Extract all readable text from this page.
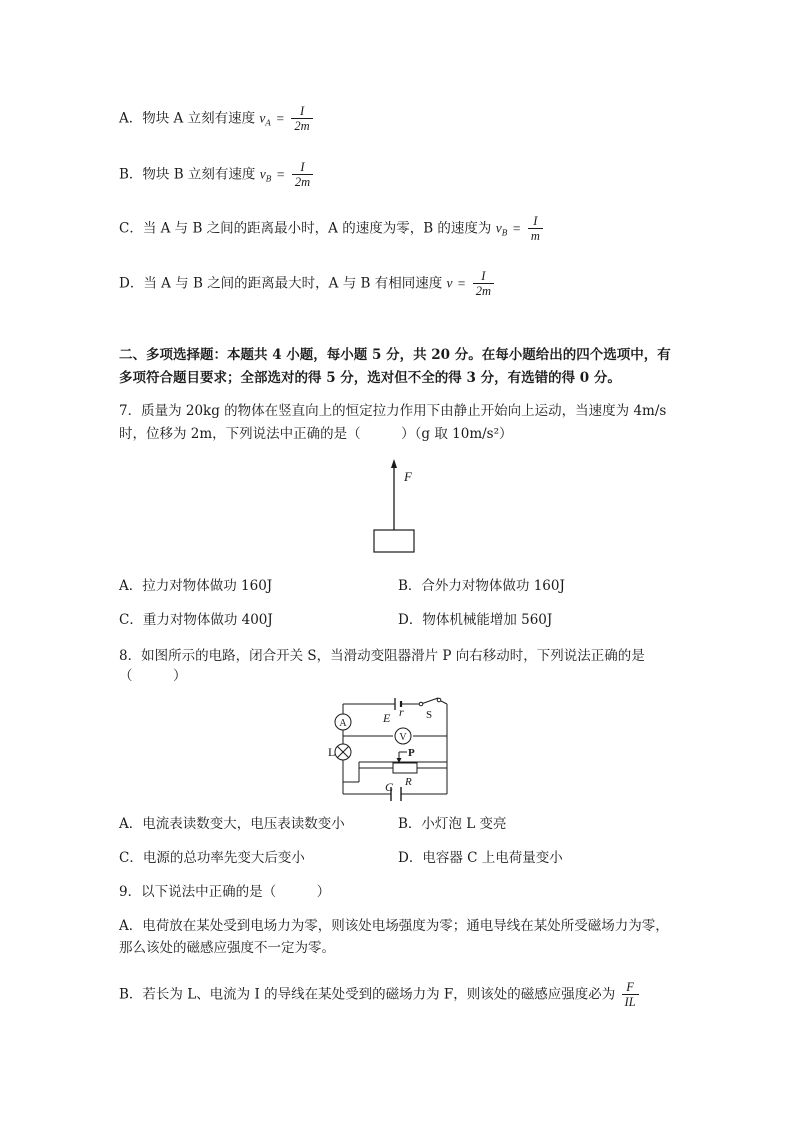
A．物块 A 立刻有速度 $v_A = \frac{I}{2m}$
B．物块 B 立刻有速度 $v_B = \frac{I}{2m}$
C．当 A 与 B 之间的距离最小时，A 的速度为零，B 的速度为 $v_B = \frac{I}{m}$
D．当 A 与 B 之间的距离最大时，A 与 B 有相同速度 $v = \frac{I}{2m}$
二、多项选择题：本题共 4 小题，每小题 5 分，共 20 分。在每小题给出的四个选项中，有
多项符合题目要求；全部选对的得 5 分，选对但不全的得 3 分，有选错的得 0 分。
7．质量为 20kg 的物体在竖直向上的恒定拉力作用下由静止开始向上运动，当速度为 4m/s
时，位移为 2m，下列说法中正确的是（　　　）（g 取 10m/s²）
F
A．拉力对物体做功 160J	B．合外力对物体做功 160J
C．重力对物体做功 400J	D．物体机械能增加 560J
8．如图所示的电路，闭合开关 S，当滑动变阻器滑片 P 向右移动时，下列说法正确的是
（　　　）
A
V
E r S
L	P
R
C
A．电流表读数变大，电压表读数变小	B．小灯泡 L 变亮
C．电源的总功率先变大后变小	D．电容器 C 上电荷量变小
9．以下说法中正确的是（　　　）
A．电荷放在某处受到电场力为零，则该处电场强度为零；通电导线在某处所受磁场力为零，
那么该处的磁感应强度不一定为零。
B．若长为 L、电流为 I 的导线在某处受到的磁场力为 F，则该处的磁感应强度必为 $\frac{F}{IL}$
